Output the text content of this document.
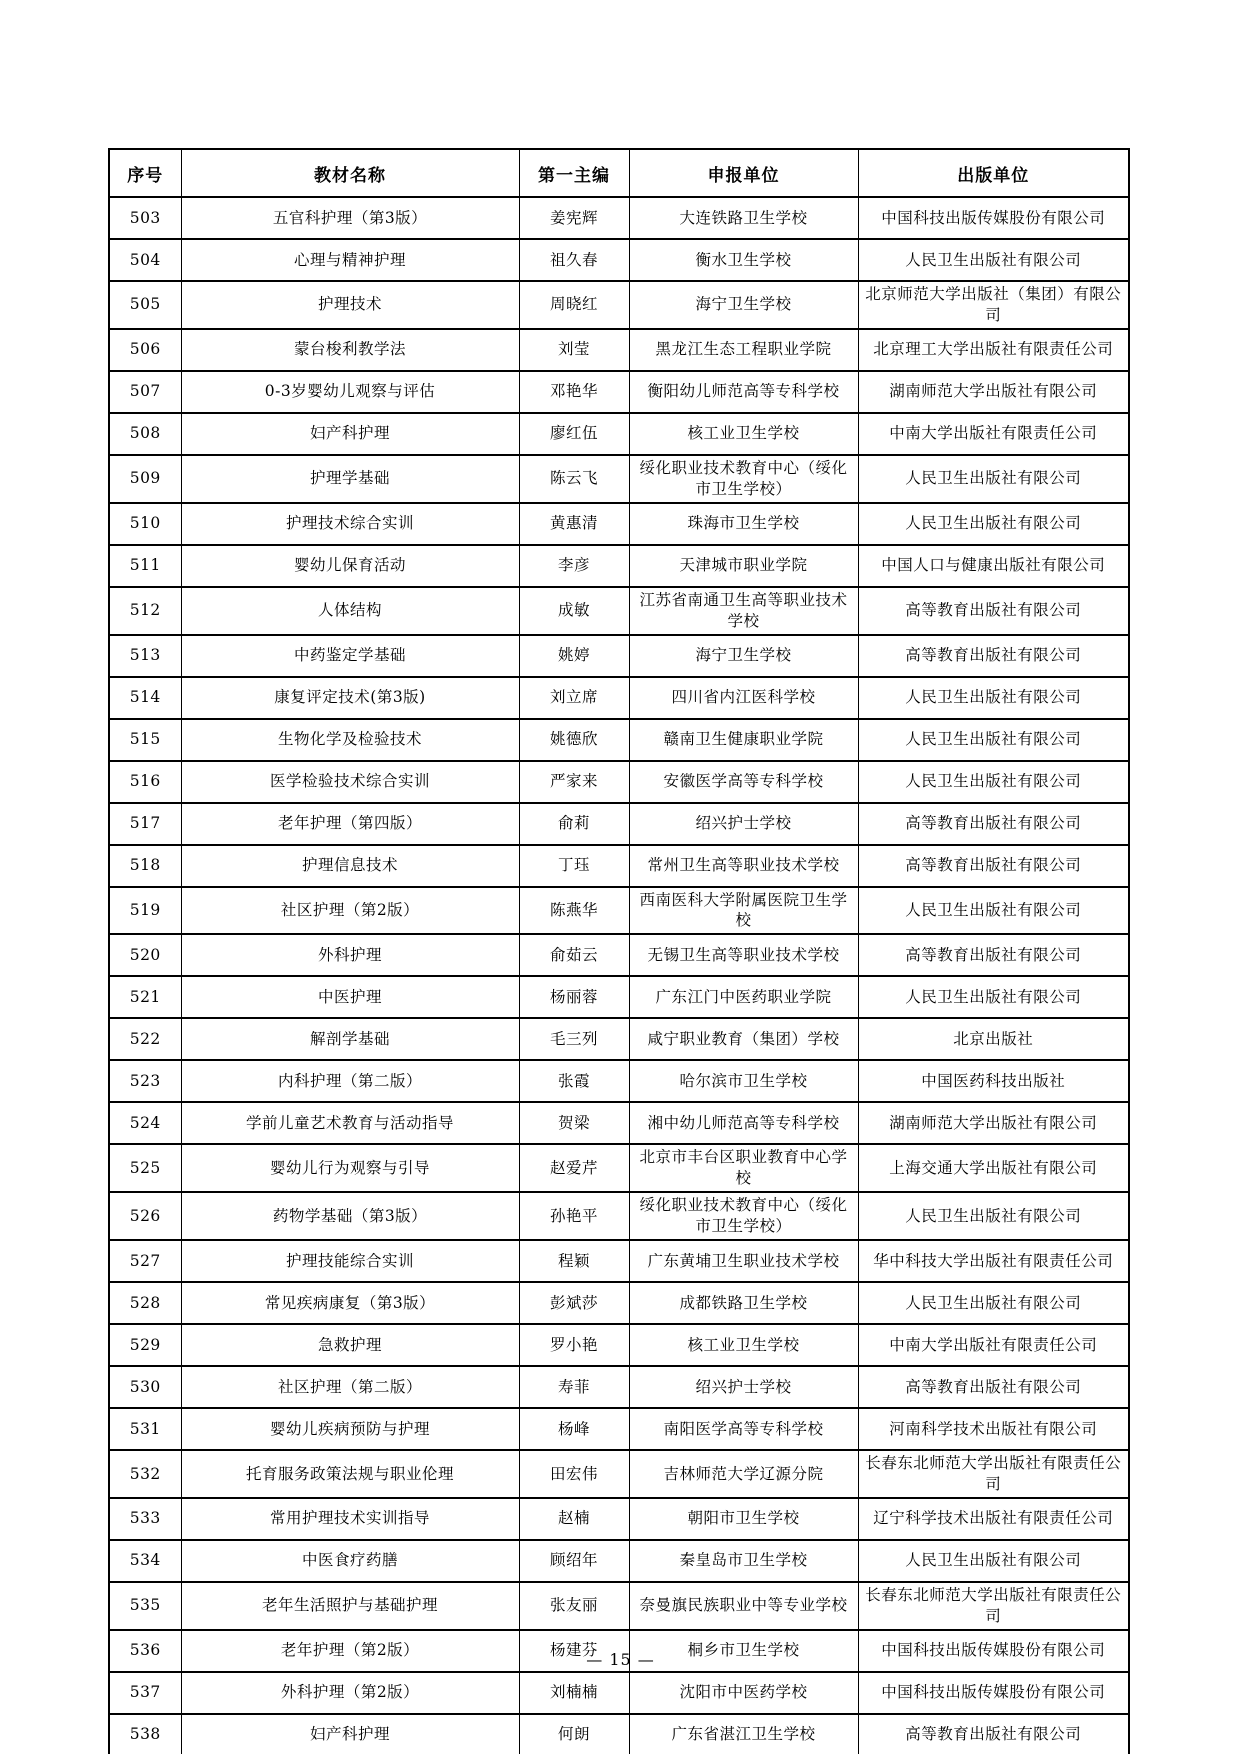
序号	教材名称	第一主编	申报单位	出版单位
503	五官科护理（第3版）	姜宪辉	大连铁路卫生学校	中国科技出版传媒股份有限公司
504	心理与精神护理	祖久春	衡水卫生学校	人民卫生出版社有限公司
505	护理技术	周晓红	海宁卫生学校	北京师范大学出版社（集团）有限公司
506	蒙台梭利教学法	刘莹	黑龙江生态工程职业学院	北京理工大学出版社有限责任公司
507	0-3岁婴幼儿观察与评估	邓艳华	衡阳幼儿师范高等专科学校	湖南师范大学出版社有限公司
508	妇产科护理	廖红伍	核工业卫生学校	中南大学出版社有限责任公司
509	护理学基础	陈云飞	绥化职业技术教育中心（绥化市卫生学校）	人民卫生出版社有限公司
510	护理技术综合实训	黄惠清	珠海市卫生学校	人民卫生出版社有限公司
511	婴幼儿保育活动	李彦	天津城市职业学院	中国人口与健康出版社有限公司
512	人体结构	成敏	江苏省南通卫生高等职业技术学校	高等教育出版社有限公司
513	中药鉴定学基础	姚婷	海宁卫生学校	高等教育出版社有限公司
514	康复评定技术(第3版)	刘立席	四川省内江医科学校	人民卫生出版社有限公司
515	生物化学及检验技术	姚德欣	赣南卫生健康职业学院	人民卫生出版社有限公司
516	医学检验技术综合实训	严家来	安徽医学高等专科学校	人民卫生出版社有限公司
517	老年护理（第四版）	俞莉	绍兴护士学校	高等教育出版社有限公司
518	护理信息技术	丁珏	常州卫生高等职业技术学校	高等教育出版社有限公司
519	社区护理（第2版）	陈燕华	西南医科大学附属医院卫生学校	人民卫生出版社有限公司
520	外科护理	俞茹云	无锡卫生高等职业技术学校	高等教育出版社有限公司
521	中医护理	杨丽蓉	广东江门中医药职业学院	人民卫生出版社有限公司
522	解剖学基础	毛三列	咸宁职业教育（集团）学校	北京出版社
523	内科护理（第二版）	张霞	哈尔滨市卫生学校	中国医药科技出版社
524	学前儿童艺术教育与活动指导	贺梁	湘中幼儿师范高等专科学校	湖南师范大学出版社有限公司
525	婴幼儿行为观察与引导	赵爱芹	北京市丰台区职业教育中心学校	上海交通大学出版社有限公司
526	药物学基础（第3版）	孙艳平	绥化职业技术教育中心（绥化市卫生学校）	人民卫生出版社有限公司
527	护理技能综合实训	程颖	广东黄埔卫生职业技术学校	华中科技大学出版社有限责任公司
528	常见疾病康复（第3版）	彭斌莎	成都铁路卫生学校	人民卫生出版社有限公司
529	急救护理	罗小艳	核工业卫生学校	中南大学出版社有限责任公司
530	社区护理（第二版）	寿菲	绍兴护士学校	高等教育出版社有限公司
531	婴幼儿疾病预防与护理	杨峰	南阳医学高等专科学校	河南科学技术出版社有限公司
532	托育服务政策法规与职业伦理	田宏伟	吉林师范大学辽源分院	长春东北师范大学出版社有限责任公司
533	常用护理技术实训指导	赵楠	朝阳市卫生学校	辽宁科学技术出版社有限责任公司
534	中医食疗药膳	顾绍年	秦皇岛市卫生学校	人民卫生出版社有限公司
535	老年生活照护与基础护理	张友丽	奈曼旗民族职业中等专业学校	长春东北师范大学出版社有限责任公司
536	老年护理（第2版）	杨建芬	桐乡市卫生学校	中国科技出版传媒股份有限公司
537	外科护理（第2版）	刘楠楠	沈阳市中医药学校	中国科技出版传媒股份有限公司
538	妇产科护理	何朗	广东省湛江卫生学校	高等教育出版社有限公司
— 15 —
